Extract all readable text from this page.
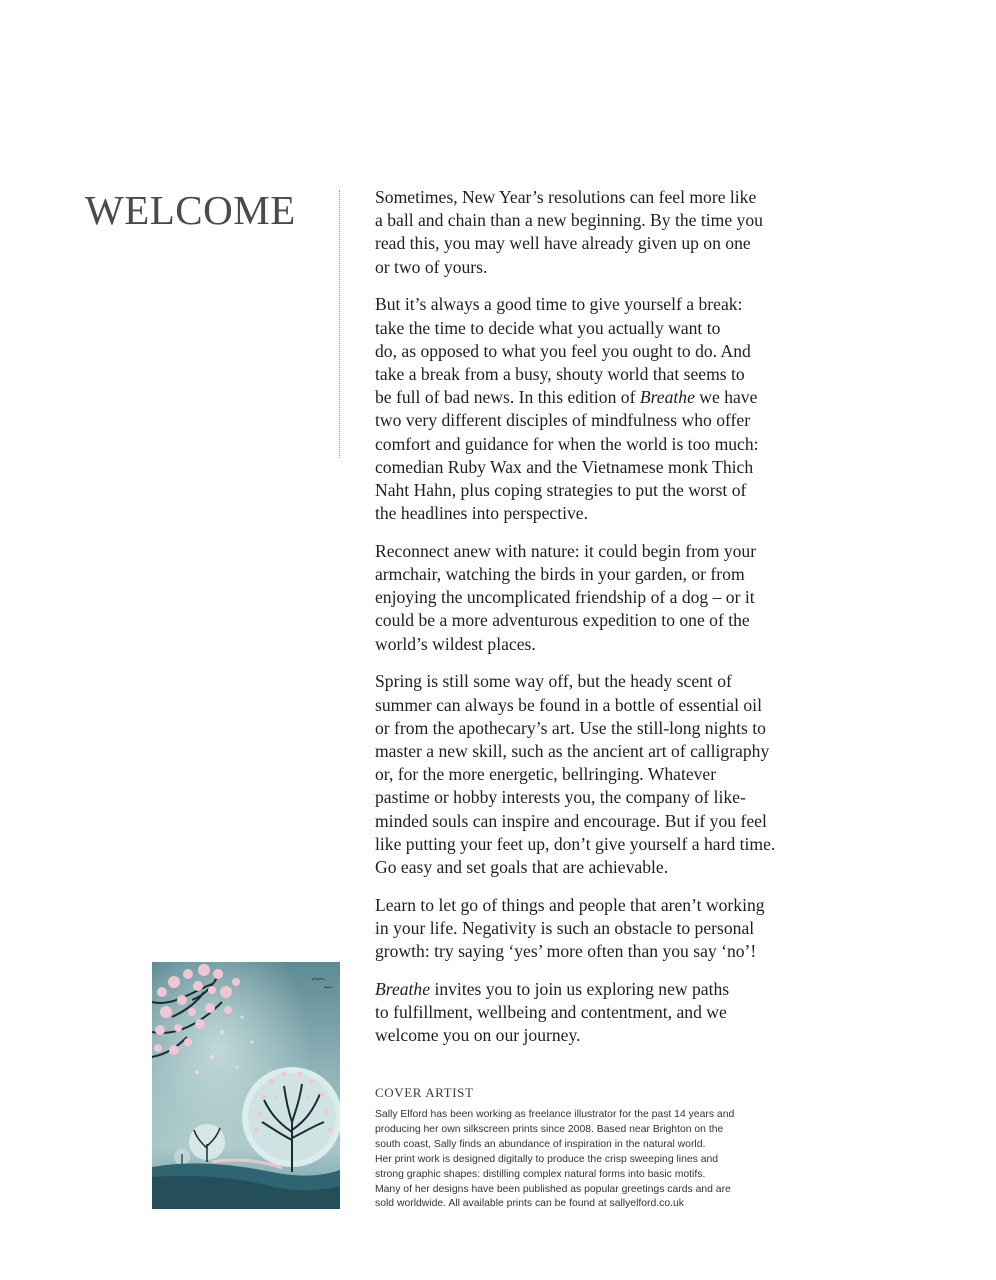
WELCOME	Sometimes, New Year’s resolutions can feel more like
a ball and chain than a new beginning. By the time you
read this, you may well have already given up on one
or two of yours.

But it’s always a good time to give yourself a break:
take the time to decide what you actually want to
do, as opposed to what you feel you ought to do. And
take a break from a busy, shouty world that seems to
be full of bad news. In this edition of Breathe we have
two very different disciples of mindfulness who offer
comfort and guidance for when the world is too much:
comedian Ruby Wax and the Vietnamese monk Thich
Naht Hahn, plus coping strategies to put the worst of
the headlines into perspective.

Reconnect anew with nature: it could begin from your
armchair, watching the birds in your garden, or from
enjoying the uncomplicated friendship of a dog – or it
could be a more adventurous expedition to one of the
world’s wildest places.

Spring is still some way off, but the heady scent of
summer can always be found in a bottle of essential oil
or from the apothecary’s art. Use the still-long nights to
master a new skill, such as the ancient art of calligraphy
or, for the more energetic, bellringing. Whatever
pastime or hobby interests you, the company of like-
minded souls can inspire and encourage. But if you feel
like putting your feet up, don’t give yourself a hard time.
Go easy and set goals that are achievable.

Learn to let go of things and people that aren’t working
in your life. Negativity is such an obstacle to personal
growth: try saying ‘yes’ more often than you say ‘no’!

Breathe invites you to join us exploring new paths
to fulfillment, wellbeing and contentment, and we
welcome you on our journey.

COVER ARTIST
Sally Elford has been working as freelance illustrator for the past 14 years and
producing her own silkscreen prints since 2008. Based near Brighton on the
south coast, Sally finds an abundance of inspiration in the natural world.
Her print work is designed digitally to produce the crisp sweeping lines and
strong graphic shapes: distilling complex natural forms into basic motifs.
Many of her designs have been published as popular greetings cards and are
sold worldwide. All available prints can be found at sallyelford.co.uk
